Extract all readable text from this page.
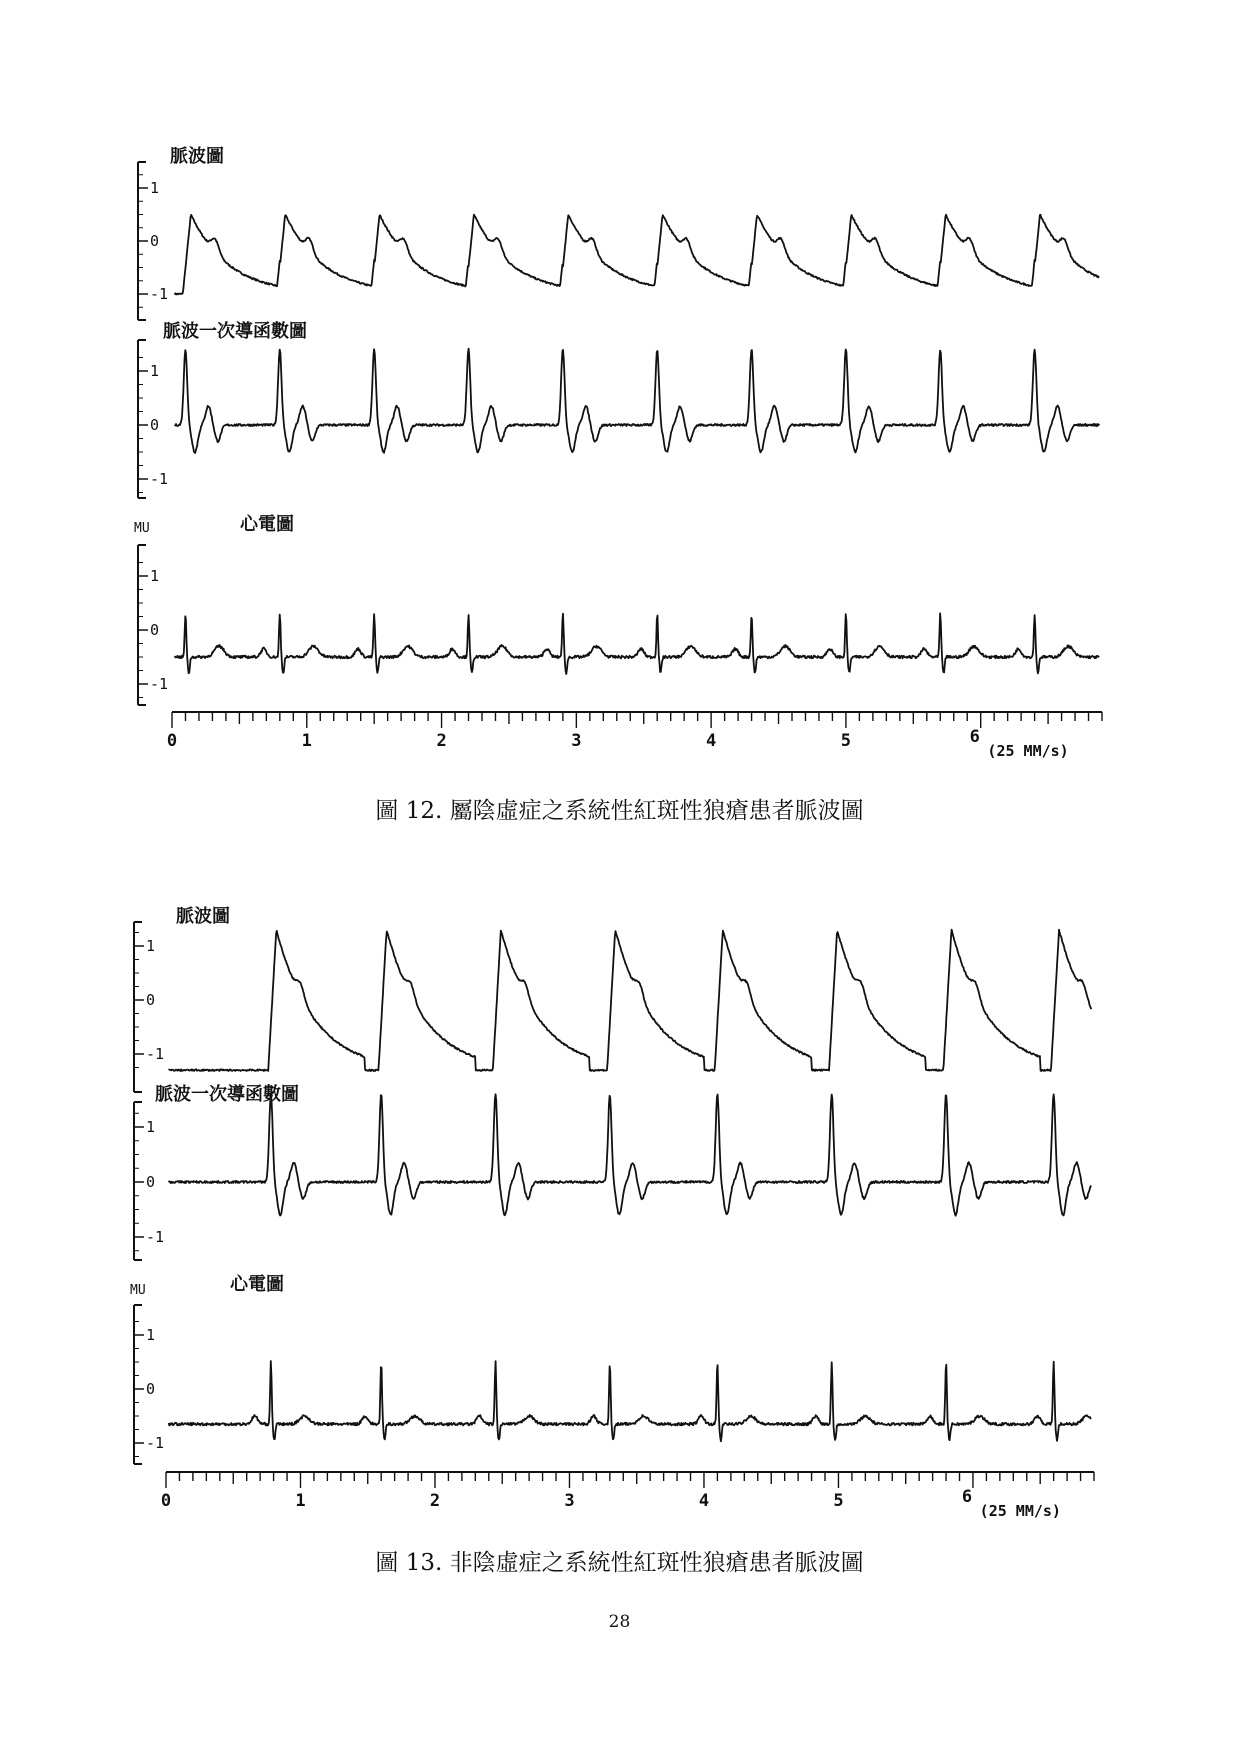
1
0
-1
脈波圖
1
0
-1
脈波一次導函數圖
1
0
-1
心電圖
MU
0	1	2	3	4	5	6
(25 MM/s)
圖 12. 屬陰虛症之系統性紅斑性狼瘡患者脈波圖
1
0
-1
脈波圖
1
0
-1
脈波一次導函數圖
1
0
-1
心電圖
MU
0	1	2	3	4	5	6
(25 MM/s)
圖 13. 非陰虛症之系統性紅斑性狼瘡患者脈波圖
28
